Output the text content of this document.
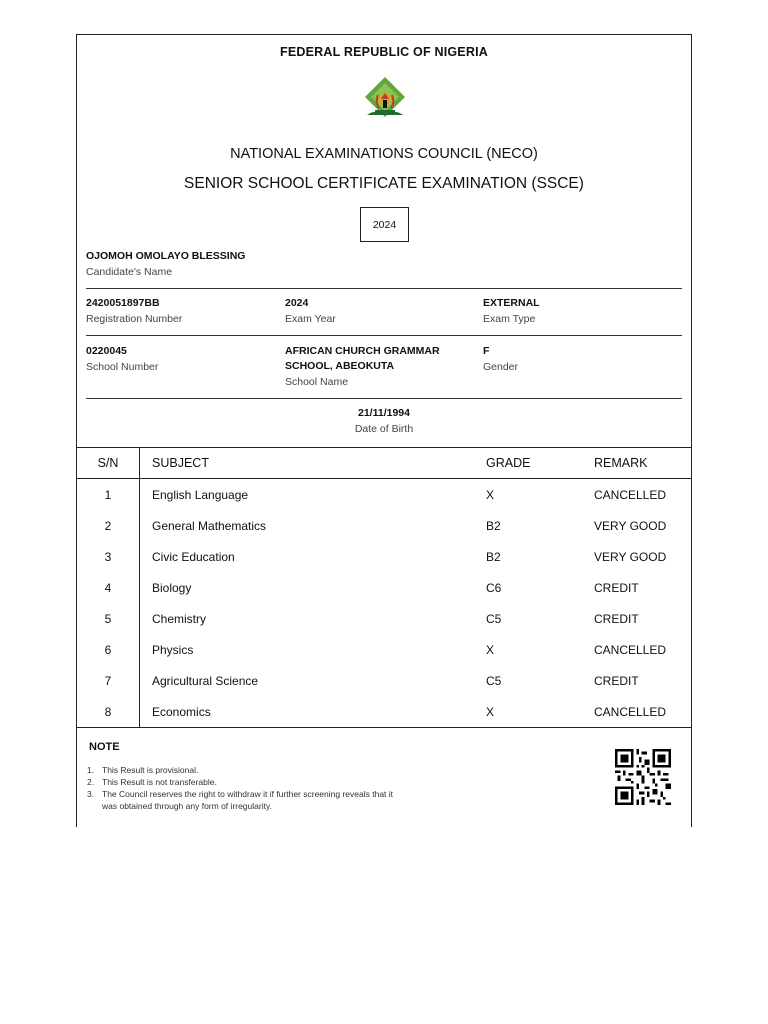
FEDERAL REPUBLIC OF NIGERIA
NATIONAL EXAMINATIONS COUNCIL (NECO)
SENIOR SCHOOL CERTIFICATE EXAMINATION (SSCE)
2024
OJOMOH OMOLAYO BLESSING
Candidate's Name
2420051897BB
Registration Number
2024
Exam Year
EXTERNAL
Exam Type
0220045
School Number
AFRICAN CHURCH GRAMMAR
SCHOOL, ABEOKUTA
School Name
F
Gender
21/11/1994
Date of Birth
S/N	SUBJECT	GRADE	REMARK
1	English Language	X	CANCELLED
2	General Mathematics	B2	VERY GOOD
3	Civic Education	B2	VERY GOOD
4	Biology	C6	CREDIT
5	Chemistry	C5	CREDIT
6	Physics	X	CANCELLED
7	Agricultural Science	C5	CREDIT
8	Economics	X	CANCELLED
NOTE
1. This Result is provisional.
2. This Result is not transferable.
3. The Council reserves the right to withdraw it if further screening reveals that it was obtained through any form of irregularity.
